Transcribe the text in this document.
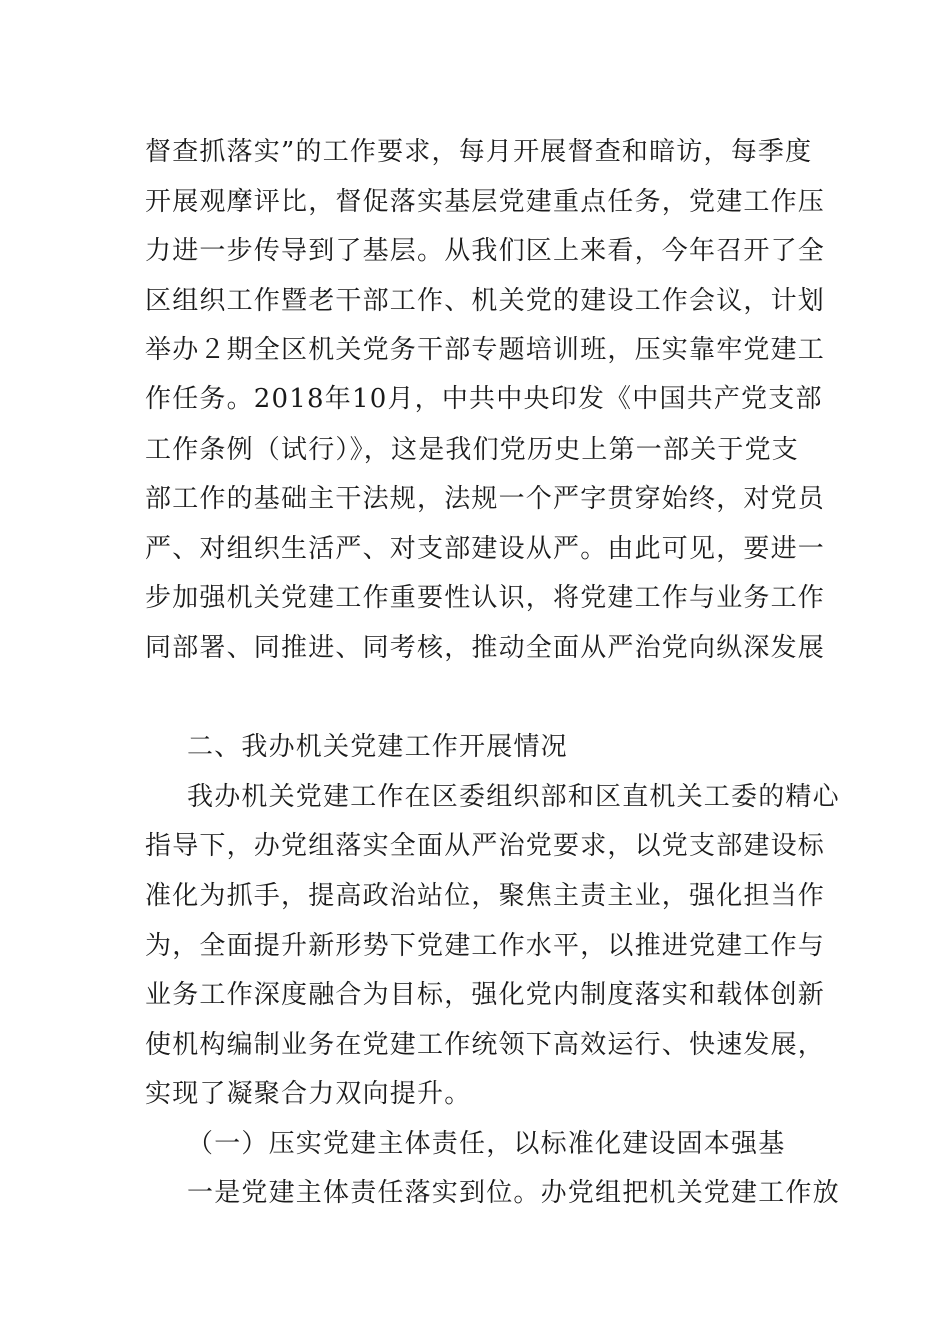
督查抓落实”的工作要求，每月开展督查和暗访，每季度
开展观摩评比，督促落实基层党建重点任务，党建工作压
力进一步传导到了基层。从我们区上来看，今年召开了全
区组织工作暨老干部工作、机关党的建设工作会议，计划
举办２期全区机关党务干部专题培训班，压实靠牢党建工
作任务。2018年10月，中共中央印发《中国共产党支部
工作条例（试行）》，这是我们党历史上第一部关于党支
部工作的基础主干法规，法规一个严字贯穿始终，对党员
严、对组织生活严、对支部建设从严。由此可见，要进一
步加强机关党建工作重要性认识，将党建工作与业务工作
同部署、同推进、同考核，推动全面从严治党向纵深发展
二、我办机关党建工作开展情况
我办机关党建工作在区委组织部和区直机关工委的精心
指导下，办党组落实全面从严治党要求，以党支部建设标
准化为抓手，提高政治站位，聚焦主责主业，强化担当作
为，全面提升新形势下党建工作水平，以推进党建工作与
业务工作深度融合为目标，强化党内制度落实和载体创新
使机构编制业务在党建工作统领下高效运行、快速发展，
实现了凝聚合力双向提升。
（一）压实党建主体责任，以标准化建设固本强基
一是党建主体责任落实到位。办党组把机关党建工作放
